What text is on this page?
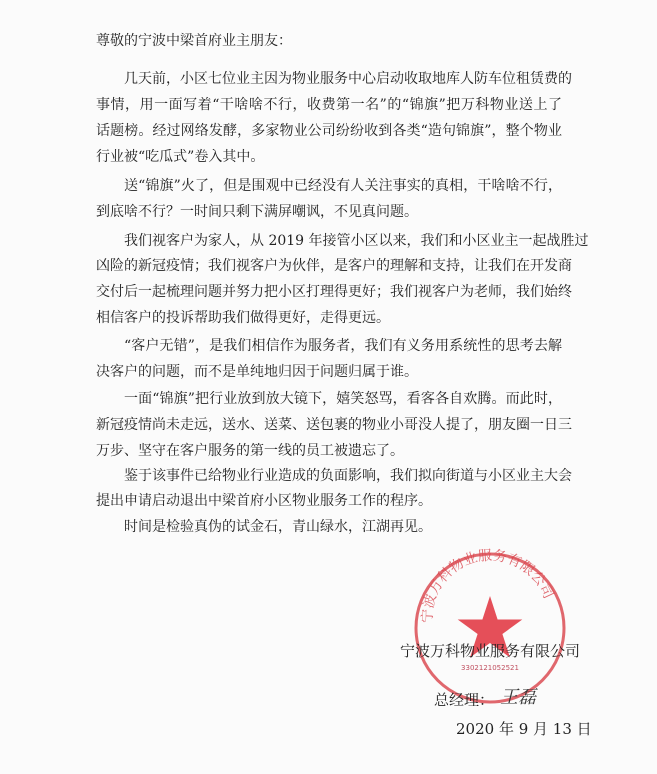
尊敬的宁波中梁首府业主朋友：
几天前，小区七位业主因为物业服务中心启动收取地库人防车位租赁费的
事情，用一面写着“干啥啥不行，收费第一名”的“锦旗”把万科物业送上了
话题榜。经过网络发酵，多家物业公司纷纷收到各类“造句锦旗”，整个物业
行业被“吃瓜式”卷入其中。
送“锦旗”火了，但是围观中已经没有人关注事实的真相，干啥啥不行，
到底啥不行？一时间只剩下满屏嘲讽，不见真问题。
我们视客户为家人，从 2019 年接管小区以来，我们和小区业主一起战胜过
凶险的新冠疫情；我们视客户为伙伴，是客户的理解和支持，让我们在开发商
交付后一起梳理问题并努力把小区打理得更好；我们视客户为老师，我们始终
相信客户的投诉帮助我们做得更好，走得更远。
“客户无错”，是我们相信作为服务者，我们有义务用系统性的思考去解
决客户的问题，而不是单纯地归因于问题归属于谁。
一面“锦旗”把行业放到放大镜下，嬉笑怒骂，看客各自欢腾。而此时，
新冠疫情尚未走远，送水、送菜、送包裹的物业小哥没人提了，朋友圈一日三
万步、坚守在客户服务的第一线的员工被遗忘了。
鉴于该事件已给物业行业造成的负面影响，我们拟向街道与小区业主大会
提出申请启动退出中梁首府小区物业服务工作的程序。
时间是检验真伪的试金石，青山绿水，江湖再见。
宁波万科物业服务有限公司
3302121052521
宁波万科物业服务有限公司
总经理： 王磊
2020 年 9 月 13 日
